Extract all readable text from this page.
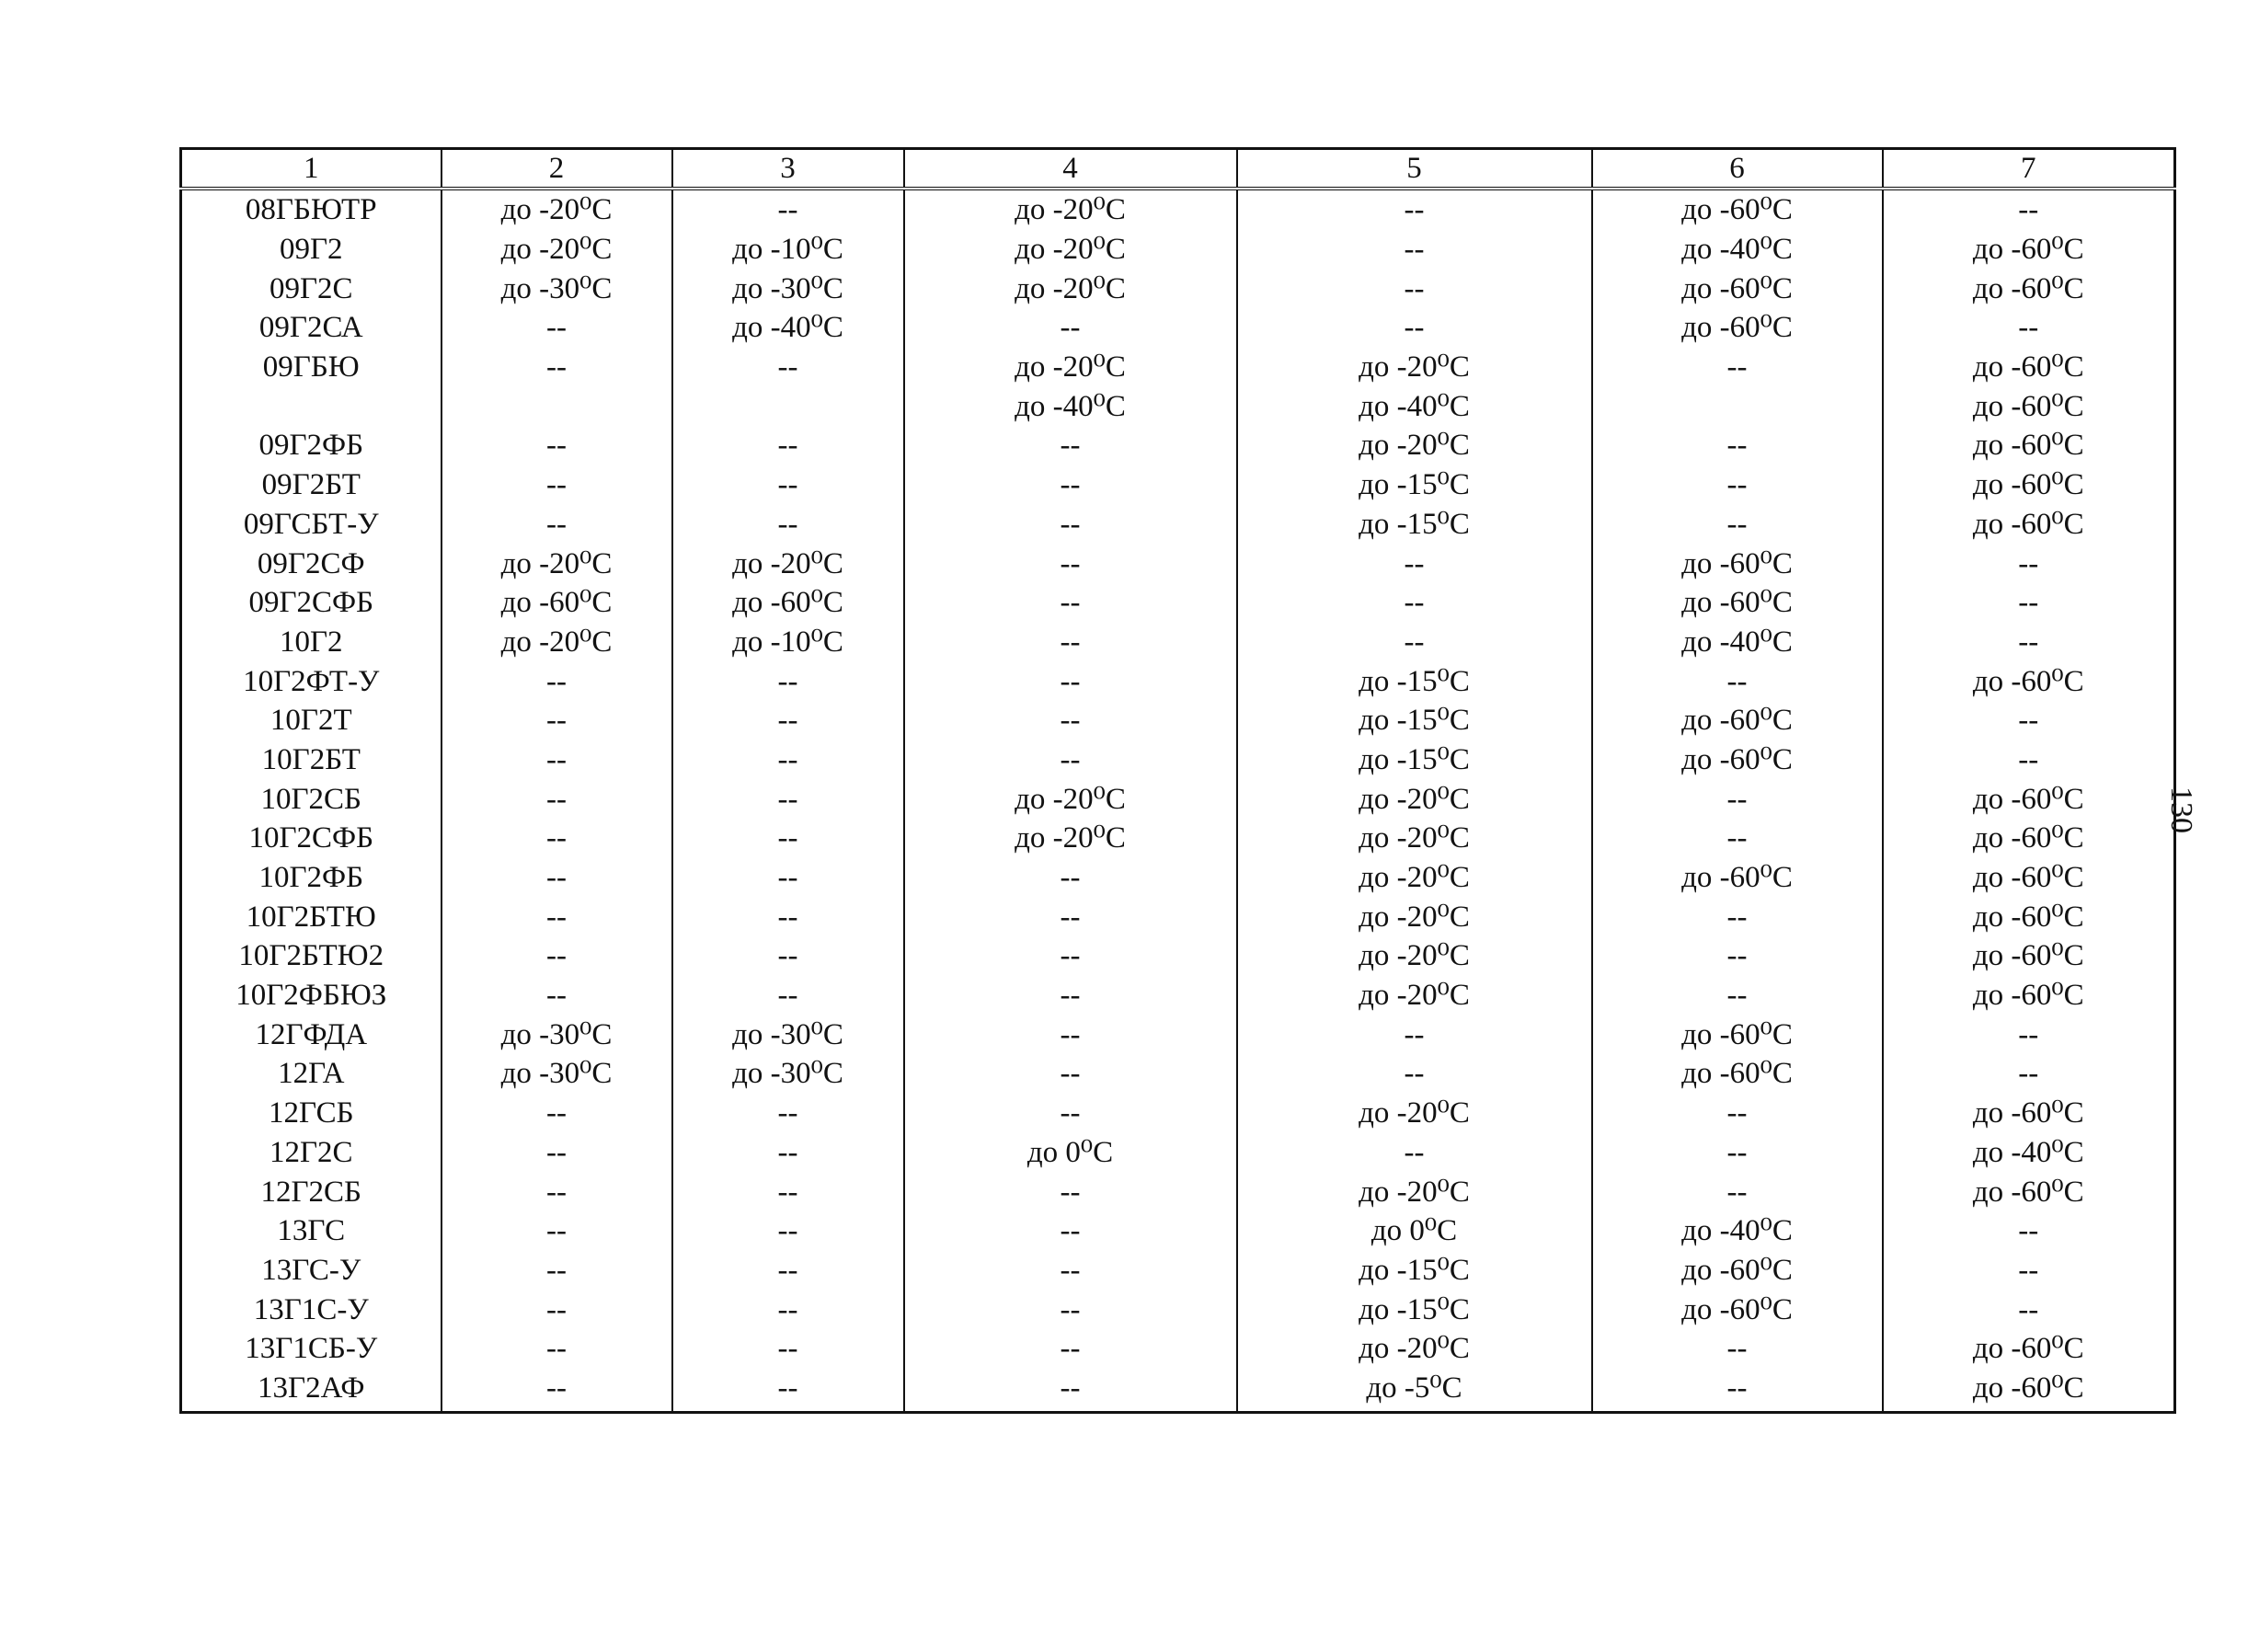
1	2	3	4	5	6	7
08ГБЮТР	до -20⁰С	--	до -20⁰С	--	до -60⁰С	--
09Г2	до -20⁰С	до -10⁰С	до -20⁰С	--	до -40⁰С	до -60⁰С
09Г2С	до -30⁰С	до -30⁰С	до -20⁰С	--	до -60⁰С	до -60⁰С
09Г2СА	--	до -40⁰С	--	--	до -60⁰С	--
09ГБЮ	--	--	до -20⁰С	до -20⁰С	--	до -60⁰С
			до -40⁰С	до -40⁰С		до -60⁰С
09Г2ФБ	--	--	--	до -20⁰С	--	до -60⁰С
09Г2БТ	--	--	--	до -15⁰С	--	до -60⁰С
09ГСБТ-У	--	--	--	до -15⁰С	--	до -60⁰С
09Г2СФ	до -20⁰С	до -20⁰С	--	--	до -60⁰С	--
09Г2СФБ	до -60⁰С	до -60⁰С	--	--	до -60⁰С	--
10Г2	до -20⁰С	до -10⁰С	--	--	до -40⁰С	--
10Г2ФТ-У	--	--	--	до -15⁰С	--	до -60⁰С
10Г2Т	--	--	--	до -15⁰С	до -60⁰С	--
10Г2БТ	--	--	--	до -15⁰С	до -60⁰С	--
10Г2СБ	--	--	до -20⁰С	до -20⁰С	--	до -60⁰С
10Г2СФБ	--	--	до -20⁰С	до -20⁰С	--	до -60⁰С
10Г2ФБ	--	--	--	до -20⁰С	до -60⁰С	до -60⁰С
10Г2БТЮ	--	--	--	до -20⁰С	--	до -60⁰С
10Г2БТЮ2	--	--	--	до -20⁰С	--	до -60⁰С
10Г2ФБЮЗ	--	--	--	до -20⁰С	--	до -60⁰С
12ГФДА	до -30⁰С	до -30⁰С	--	--	до -60⁰С	--
12ГА	до -30⁰С	до -30⁰С	--	--	до -60⁰С	--
12ГСБ	--	--	--	до -20⁰С	--	до -60⁰С
12Г2С	--	--	до 0⁰С	--	--	до -40⁰С
12Г2СБ	--	--	--	до -20⁰С	--	до -60⁰С
13ГС	--	--	--	до 0⁰С	до -40⁰С	--
13ГС-У	--	--	--	до -15⁰С	до -60⁰С	--
13Г1С-У	--	--	--	до -15⁰С	до -60⁰С	--
13Г1СБ-У	--	--	--	до -20⁰С	--	до -60⁰С
13Г2АФ	--	--	--	до -5⁰С	--	до -60⁰С
130
